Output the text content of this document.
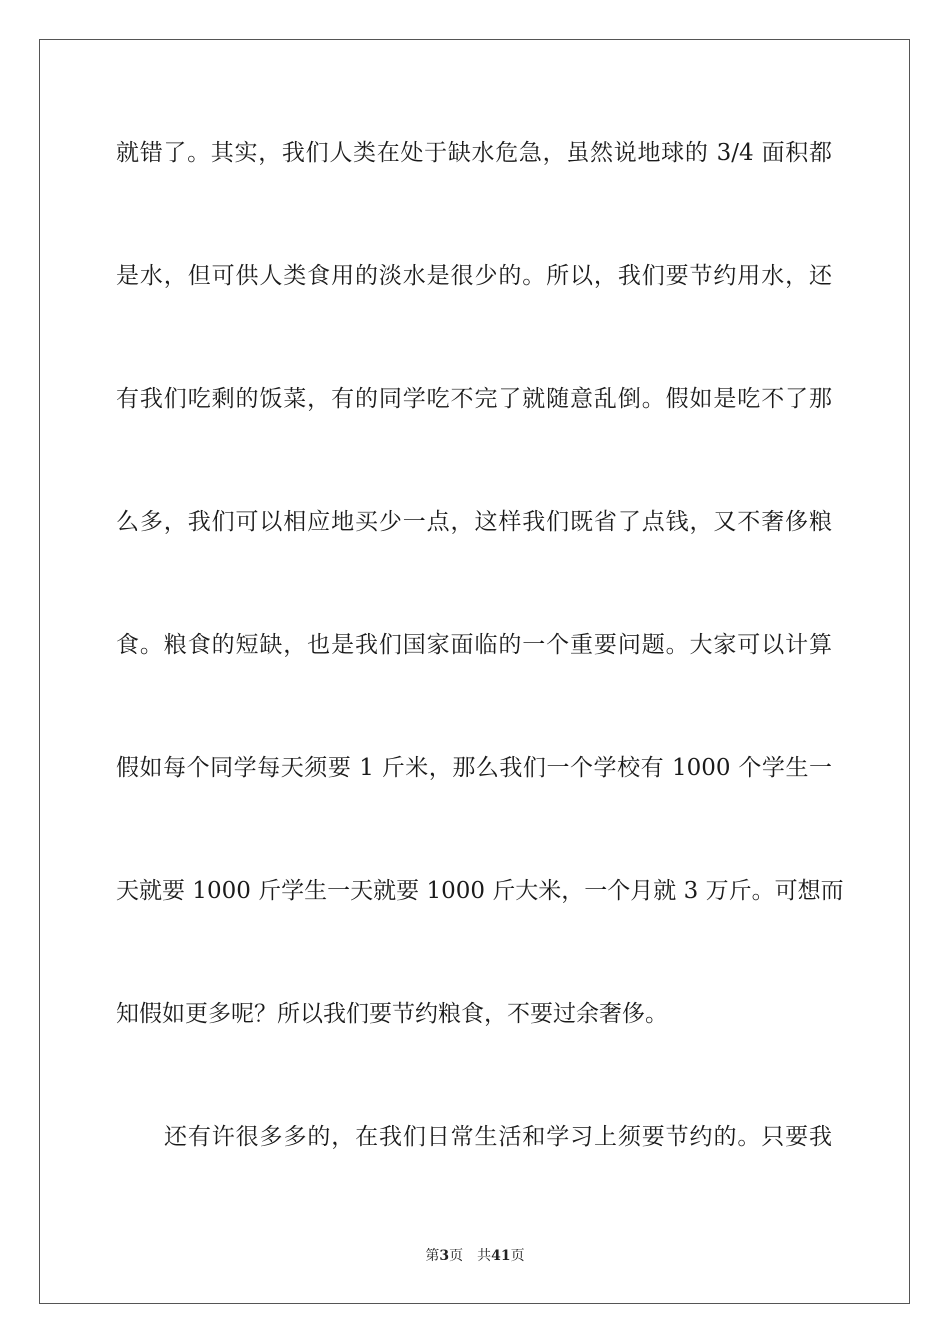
就错了。其实，我们人类在处于缺水危急，虽然说地球的 3/4 面积都
是水，但可供人类食用的淡水是很少的。所以，我们要节约用水，还
有我们吃剩的饭菜，有的同学吃不完了就随意乱倒。假如是吃不了那
么多，我们可以相应地买少一点，这样我们既省了点钱，又不奢侈粮
食。粮食的短缺，也是我们国家面临的一个重要问题。大家可以计算
假如每个同学每天须要 1 斤米，那么我们一个学校有 1000 个学生一
天就要 1000 斤学生一天就要 1000 斤大米，一个月就 3 万斤。可想而
知假如更多呢？所以我们要节约粮食，不要过余奢侈。
还有许很多多的，在我们日常生活和学习上须要节约的。只要我
第3页 共41页
